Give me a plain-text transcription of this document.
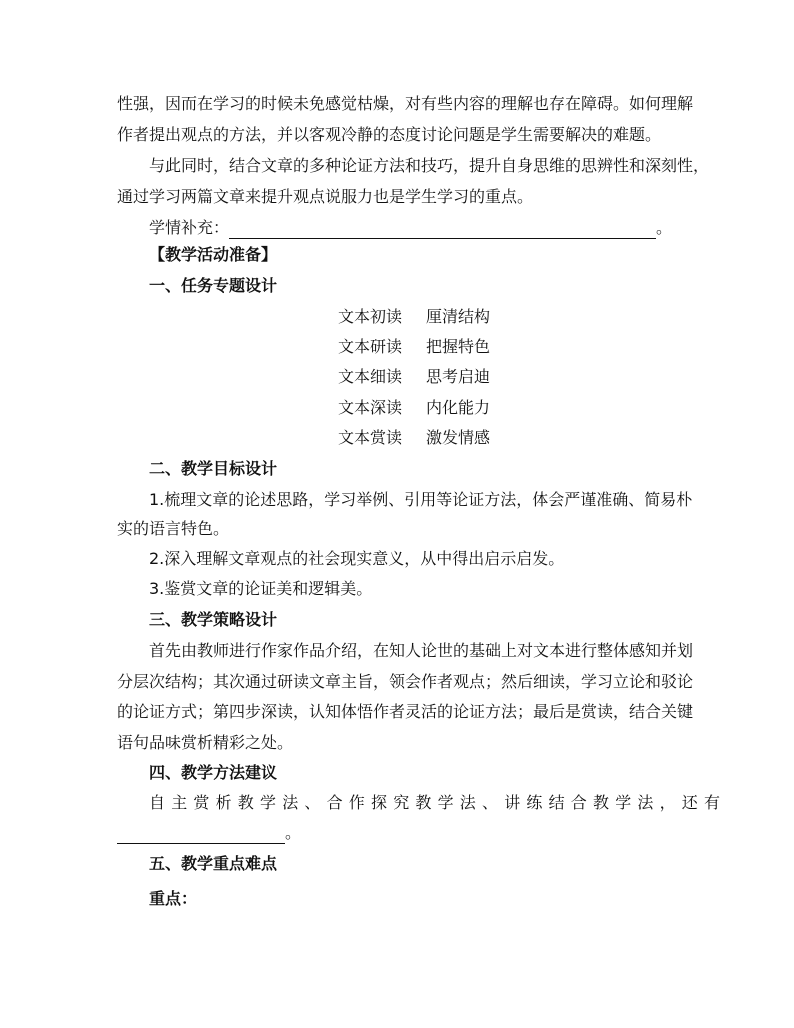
性强，因而在学习的时候未免感觉枯燥，对有些内容的理解也存在障碍。如何理解
作者提出观点的方法，并以客观冷静的态度讨论问题是学生需要解决的难题。
与此同时，结合文章的多种论证方法和技巧，提升自身思维的思辨性和深刻性，
通过学习两篇文章来提升观点说服力也是学生学习的重点。
学情补充：	。
【教学活动准备】
一、任务专题设计
文本初读 厘清结构
文本研读 把握特色
文本细读 思考启迪
文本深读 内化能力
文本赏读 激发情感
二、教学目标设计
1.梳理文章的论述思路，学习举例、引用等论证方法，体会严谨准确、简易朴
实的语言特色。
2.深入理解文章观点的社会现实意义，从中得出启示启发。
3.鉴赏文章的论证美和逻辑美。
三、教学策略设计
首先由教师进行作家作品介绍，在知人论世的基础上对文本进行整体感知并划
分层次结构；其次通过研读文章主旨，领会作者观点；然后细读，学习立论和驳论
的论证方式；第四步深读，认知体悟作者灵活的论证方法；最后是赏读，结合关键
语句品味赏析精彩之处。
四、教学方法建议
自主赏析教学法、合作探究教学法、讲练结合教学法，还有
。
五、教学重点难点
重点：
